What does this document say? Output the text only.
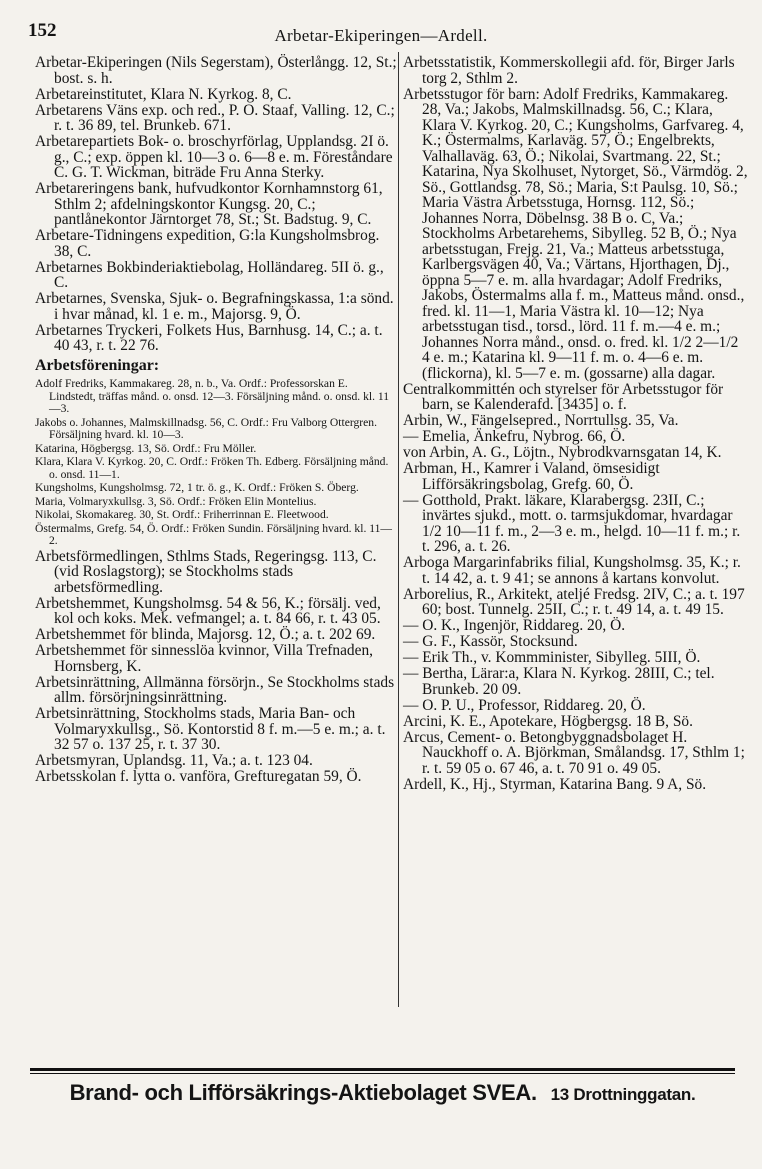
152	Arbetar-Ekiperingen—Ardell.

Arbetar-Ekiperingen (Nils Segerstam), Österlångg. 12, St.; bost. s. h.

Arbetareinstitutet, Klara N. Kyrkog. 8, C.

Arbetarens Väns exp. och red., P. O. Staaf, Valling. 12, C.; r. t. 36 89, tel. Brunkeb. 671.

Arbetarepartiets Bok- o. broschyrförlag, Upplandsg. 2I ö. g., C.; exp. öppen kl. 10—3 o. 6—8 e. m. Föreståndare C. G. T. Wickman, biträde Fru Anna Sterky.

Arbetareringens bank, hufvudkontor Kornhamnstorg 61, Sthlm 2; afdelningskontor Kungsg. 20, C.; pantlånekontor Järntorget 78, St.; St. Badstug. 9, C.

Arbetare-Tidningens expedition, G:la Kungsholmsbrog. 38, C.

Arbetarnes Bokbinderiaktiebolag, Holländareg. 5II ö. g., C.

Arbetarnes, Svenska, Sjuk- o. Begrafningskassa, 1:a sönd. i hvar månad, kl. 1 e. m., Majorsg. 9, Ö.

Arbetarnes Tryckeri, Folkets Hus, Barnhusg. 14, C.; a. t. 40 43, r. t. 22 76.

Arbetsföreningar:

Adolf Fredriks, Kammakareg. 28, n. b., Va. Ordf.: Professorskan E. Lindstedt, träffas månd. o. onsd. 12—3. Försäljning månd. o. onsd. kl. 11—3.

Jakobs o. Johannes, Malmskillnadsg. 56, C. Ordf.: Fru Valborg Ottergren. Försäljning hvard. kl. 10—3.

Katarina, Högbergsg. 13, Sö. Ordf.: Fru Möller.

Klara, Klara V. Kyrkog. 20, C. Ordf.: Fröken Th. Edberg. Försäljning månd. o. onsd. 11—1.

Kungsholms, Kungsholmsg. 72, 1 tr. ö. g., K. Ordf.: Fröken S. Öberg.

Maria, Volmaryxkullsg. 3, Sö. Ordf.: Fröken Elin Montelius.

Nikolai, Skomakareg. 30, St. Ordf.: Friherrinnan E. Fleetwood.

Östermalms, Grefg. 54, Ö. Ordf.: Fröken Sundin. Försäljning hvard. kl. 11—2.

Arbetsförmedlingen, Sthlms Stads, Regeringsg. 113, C. (vid Roslagstorg); se Stockholms stads arbetsförmedling.

Arbetshemmet, Kungsholmsg. 54 & 56, K.; försälj. ved, kol och koks. Mek. vefmangel; a. t. 84 66, r. t. 43 05.

Arbetshemmet för blinda, Majorsg. 12, Ö.; a. t. 202 69.

Arbetshemmet för sinnesslöa kvinnor, Villa Trefnaden, Hornsberg, K.

Arbetsinrättning, Allmänna försörjn., Se Stockholms stads allm. försörjningsinrättning.

Arbetsinrättning, Stockholms stads, Maria Ban- och Volmaryxkullsg., Sö. Kontorstid 8 f. m.—5 e. m.; a. t. 32 57 o. 137 25, r. t. 37 30.

Arbetsmyran, Uplandsg. 11, Va.; a. t. 123 04.

Arbetsskolan f. lytta o. vanföra, Grefturegatan 59, Ö.

Arbetsstatistik, Kommerskollegii afd. för, Birger Jarls torg 2, Sthlm 2.

Arbetsstugor för barn: Adolf Fredriks, Kammakareg. 28, Va.; Jakobs, Malmskillnadsg. 56, C.; Klara, Klara V. Kyrkog. 20, C.; Kungsholms, Garfvareg. 4, K.; Östermalms, Karlaväg. 57, Ö.; Engelbrekts, Valhallaväg. 63, Ö.; Nikolai, Svartmang. 22, St.; Katarina, Nya Skolhuset, Nytorget, Sö., Värmdög. 2, Sö., Gottlandsg. 78, Sö.; Maria, S:t Paulsg. 10, Sö.; Maria Västra Arbetsstuga, Hornsg. 112, Sö.; Johannes Norra, Döbelnsg. 38 B o. C, Va.; Stockholms Arbetarehems, Sibylleg. 52 B, Ö.; Nya arbetsstugan, Frejg. 21, Va.; Matteus arbetsstuga, Karlbergsvägen 40, Va.; Värtans, Hjorthagen, Dj., öppna 5—7 e. m. alla hvardagar; Adolf Fredriks, Jakobs, Östermalms alla f. m., Matteus månd. onsd., fred. kl. 11—1, Maria Västra kl. 10—12; Nya arbetsstugan tisd., torsd., lörd. 11 f. m.—4 e. m.; Johannes Norra månd., onsd. o. fred. kl. 1/2 2—1/2 4 e. m.; Katarina kl. 9—11 f. m. o. 4—6 e. m. (flickorna), kl. 5—7 e. m. (gossarne) alla dagar.

Centralkommittén och styrelser för Arbetsstugor för barn, se Kalenderafd. [3435] o. f.

Arbin, W., Fängelsepred., Norrtullsg. 35, Va.

— Emelia, Änkefru, Nybrog. 66, Ö.

von Arbin, A. G., Löjtn., Nybrodkvarnsgatan 14, K.

Arbman, H., Kamrer i Valand, ömsesidigt Lifförsäkringsbolag, Grefg. 60, Ö.

— Gotthold, Prakt. läkare, Klarabergsg. 23II, C.; invärtes sjukd., mott. o. tarmsjukdomar, hvardagar 1/2 10—11 f. m., 2—3 e. m., helgd. 10—11 f. m.; r. t. 296, a. t. 26.

Arboga Margarinfabriks filial, Kungsholmsg. 35, K.; r. t. 14 42, a. t. 9 41; se annons å kartans konvolut.

Arborelius, R., Arkitekt, ateljé Fredsg. 2IV, C.; a. t. 197 60; bost. Tunnelg. 25II, C.; r. t. 49 14, a. t. 49 15.

— O. K., Ingenjör, Riddareg. 20, Ö.

— G. F., Kassör, Stocksund.

— Erik Th., v. Kommminister, Sibylleg. 5III, Ö.

— Bertha, Lärar:a, Klara N. Kyrkog. 28III, C.; tel. Brunkeb. 20 09.

— O. P. U., Professor, Riddareg. 20, Ö.

Arcini, K. E., Apotekare, Högbergsg. 18 B, Sö.

Arcus, Cement- o. Betongbyggnadsbolaget H. Nauckhoff o. A. Björkman, Smålandsg. 17, Sthlm 1; r. t. 59 05 o. 67 46, a. t. 70 91 o. 49 05.

Ardell, K., Hj., Styrman, Katarina Bang. 9 A, Sö.

Brand- och Lifförsäkrings-Aktiebolaget SVEA. 13 Drottninggatan.
